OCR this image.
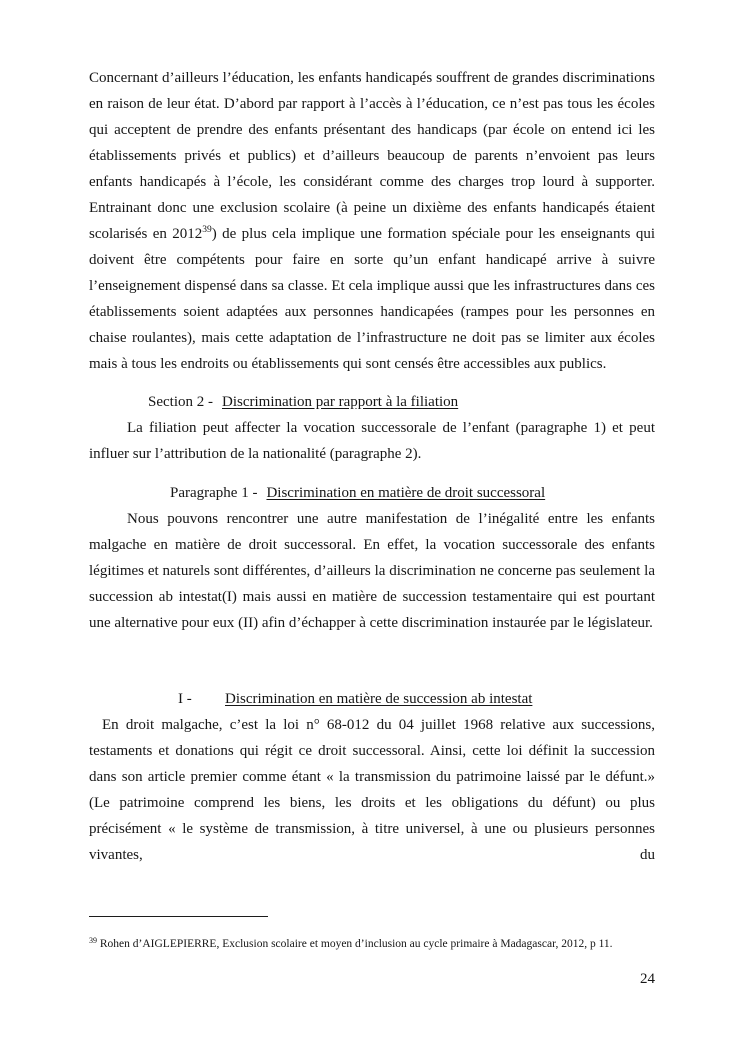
Concernant d’ailleurs l’éducation, les enfants handicapés souffrent de grandes discriminations en raison de leur état. D’abord par rapport à l’accès à l’éducation, ce n’est pas tous les écoles qui acceptent de prendre des enfants présentant des handicaps (par école on entend ici les établissements privés et publics) et d’ailleurs beaucoup de parents n’envoient pas leurs enfants handicapés à l’école, les considérant comme des charges trop lourd à supporter. Entrainant donc une exclusion scolaire (à peine un dixième des enfants handicapés étaient scolarisés en 2012$^{39}$) de plus cela implique une formation spéciale pour les enseignants qui doivent être compétents pour faire en sorte qu’un enfant handicapé arrive à suivre l’enseignement dispensé dans sa classe. Et cela implique aussi que les infrastructures dans ces établissements soient adaptées aux personnes handicapées (rampes pour les personnes en chaise roulantes), mais cette adaptation de l’infrastructure ne doit pas se limiter aux écoles mais à tous les endroits ou établissements qui sont censés être accessibles aux publics.

Section 2 - Discrimination par rapport à la filiation

La filiation peut affecter la vocation successorale de l’enfant (paragraphe 1) et peut influer sur l’attribution de la nationalité (paragraphe 2).

Paragraphe 1 - Discrimination en matière de droit successoral

Nous pouvons rencontrer une autre manifestation de l’inégalité entre les enfants malgache en matière de droit successoral. En effet, la vocation successorale des enfants légitimes et naturels sont différentes, d’ailleurs la discrimination ne concerne pas seulement la succession ab intestat(I) mais aussi en matière de succession testamentaire qui est pourtant une alternative pour eux (II) afin d’échapper à cette discrimination instaurée par le législateur.

I - Discrimination en matière de succession ab intestat

En droit malgache, c’est la loi n° 68-012 du 04 juillet 1968 relative aux successions, testaments et donations qui régit ce droit successoral. Ainsi, cette loi définit la succession dans son article premier comme étant « la transmission du patrimoine laissé par le défunt.» (Le patrimoine comprend les biens, les droits et les obligations du défunt) ou plus précisément « le système de transmission, à titre universel, à une ou plusieurs personnes vivantes, du

$^{39}$ Rohen d’AIGLEPIERRE, Exclusion scolaire et moyen d’inclusion au cycle primaire à Madagascar, 2012, p 11.
24
